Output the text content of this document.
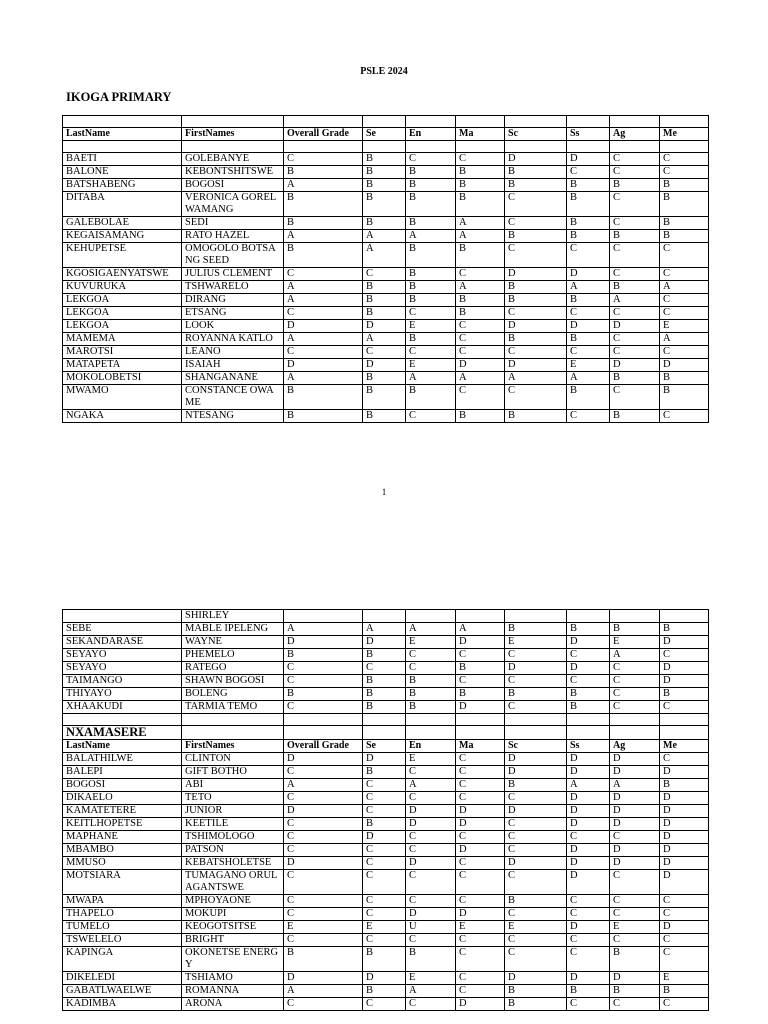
PSLE 2024
IKOGA PRIMARY

LastName	FirstNames	Overall Grade	Se	En	Ma	Sc	Ss	Ag	Me

BAETI	GOLEBANYE	C	B	C	C	D	D	C	C
BALONE	KEBONTSHITSWE	B	B	B	B	B	C	C	C
BATSHABENG	BOGOSI	A	B	B	B	B	B	B	B
DITABA	VERONICA GORELWAMANG	B	B	B	B	C	B	C	B
GALEBOLAE	SEDI	B	B	B	A	C	B	C	B
KEGAISAMANG	RATO HAZEL	A	A	A	A	B	B	B	B
KEHUPETSE	OMOGOLO BOTSANG SEED	B	A	B	B	C	C	C	C
KGOSIGAENYATSWE	JULIUS CLEMENT	C	C	B	C	D	D	C	C
KUVURUKA	TSHWARELO	A	B	B	A	B	A	B	A
LEKGOA	DIRANG	A	B	B	B	B	B	A	C
LEKGOA	ETSANG	C	B	C	B	C	C	C	C
LEKGOA	LOOK	D	D	E	C	D	D	D	E
MAMEMA	ROYANNA KATLO	A	A	B	C	B	B	C	A
MAROTSI	LEANO	C	C	C	C	C	C	C	C
MATAPETA	ISAIAH	D	D	E	D	D	E	D	D
MOKOLOBETSI	SHANGANANE	A	B	A	A	A	A	B	B
MWAMO	CONSTANCE OWAME	B	B	B	C	C	B	C	B
NGAKA	NTESANG	B	B	C	B	B	C	B	C
1
	SHIRLEY								
SEBE	MABLE IPELENG	A	A	A	A	B	B	B	B
SEKANDARASE	WAYNE	D	D	E	D	E	D	E	D
SEYAYO	PHEMELO	B	B	C	C	C	C	A	C
SEYAYO	RATEGO	C	C	C	B	D	D	C	D
TAIMANGO	SHAWN BOGOSI	C	B	B	C	C	C	C	D
THIYAYO	BOLENG	B	B	B	B	B	B	C	B
XHAAKUDI	TARMIA TEMO	C	B	B	D	C	B	C	C

NXAMASERE									
LastName	FirstNames	Overall Grade	Se	En	Ma	Sc	Ss	Ag	Me
BALATHILWE	CLINTON	D	D	E	C	D	D	D	C
BALEPI	GIFT BOTHO	C	B	C	C	D	D	D	D
BOGOSI	ABI	A	C	A	C	B	A	A	B
DIKAELO	TETO	C	C	C	C	C	D	D	D
KAMATETERE	JUNIOR	D	C	D	D	D	D	D	D
KEITLHOPETSE	KEETILE	C	B	D	D	C	D	D	D
MAPHANE	TSHIMOLOGO	C	D	C	C	C	C	C	D
MBAMBO	PATSON	C	C	C	D	C	D	D	D
MMUSO	KEBATSHOLETSE	D	C	D	C	D	D	D	D
MOTSIARA	TUMAGANO ORULAGANTSWE	C	C	C	C	C	D	C	D
MWAPA	MPHOYAONE	C	C	C	C	B	C	C	C
THAPELO	MOKUPI	C	C	D	D	C	C	C	C
TUMELO	KEOGOTSITSE	E	E	U	E	E	D	E	D
TSWELELO	BRIGHT	C	C	C	C	C	C	C	C
KAPINGA	OKONETSE ENERGY	B	B	B	C	C	C	B	C
DIKELEDI	TSHIAMO	D	D	E	C	D	D	D	E
GABATLWAELWE	ROMANNA	A	B	A	C	B	B	B	B
KADIMBA	ARONA	C	C	C	D	B	C	C	C
